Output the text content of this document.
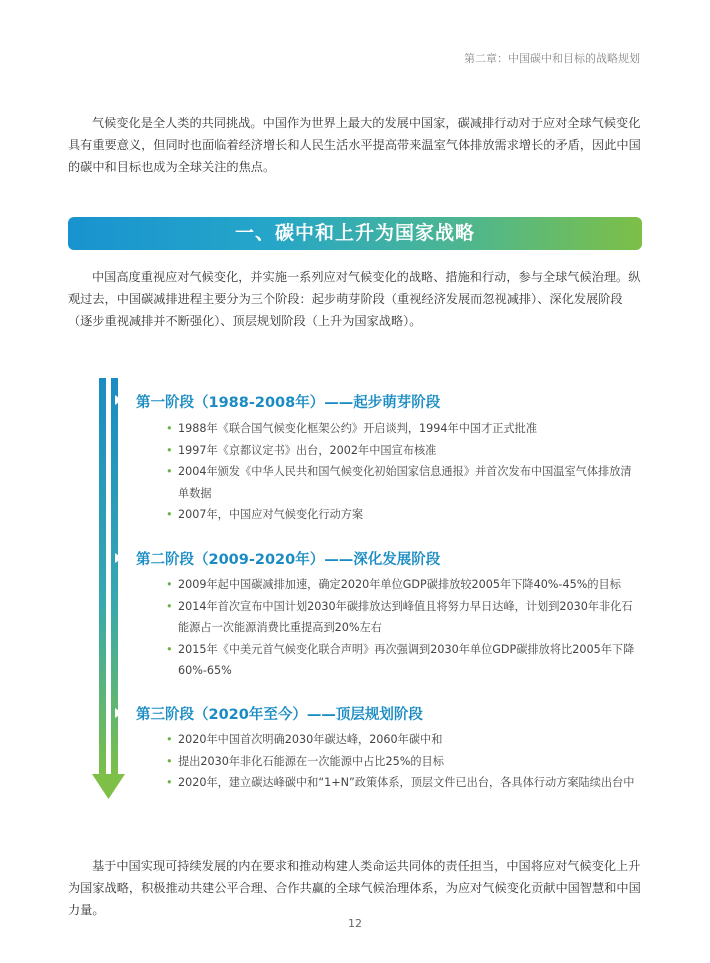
第二章：中国碳中和目标的战略规划

气候变化是全人类的共同挑战。中国作为世界上最大的发展中国家，碳减排行动对于应对全球气候变化具有重要意义，但同时也面临着经济增长和人民生活水平提高带来温室气体排放需求增长的矛盾，因此中国的碳中和目标也成为全球关注的焦点。

一、碳中和上升为国家战略

中国高度重视应对气候变化，并实施一系列应对气候变化的战略、措施和行动，参与全球气候治理。纵观过去，中国碳减排进程主要分为三个阶段：起步萌芽阶段（重视经济发展而忽视减排）、深化发展阶段（逐步重视减排并不断强化）、顶层规划阶段（上升为国家战略）。

第一阶段（1988-2008年）——起步萌芽阶段
• 1988年《联合国气候变化框架公约》开启谈判，1994年中国才正式批准
• 1997年《京都议定书》出台，2002年中国宣布核准
• 2004年颁发《中华人民共和国气候变化初始国家信息通报》并首次发布中国温室气体排放清单数据
• 2007年，中国应对气候变化行动方案
第二阶段（2009-2020年）——深化发展阶段
• 2009年起中国碳减排加速，确定2020年单位GDP碳排放较2005年下降40%-45%的目标
• 2014年首次宣布中国计划2030年碳排放达到峰值且将努力早日达峰，计划到2030年非化石能源占一次能源消费比重提高到20%左右
• 2015年《中美元首气候变化联合声明》再次强调到2030年单位GDP碳排放将比2005年下降60%-65%
第三阶段（2020年至今）——顶层规划阶段
• 2020年中国首次明确2030年碳达峰，2060年碳中和
• 提出2030年非化石能源在一次能源中占比25%的目标
• 2020年，建立碳达峰碳中和“1+N”政策体系，顶层文件已出台，各具体行动方案陆续出台中

基于中国实现可持续发展的内在要求和推动构建人类命运共同体的责任担当，中国将应对气候变化上升为国家战略，积极推动共建公平合理、合作共赢的全球气候治理体系，为应对气候变化贡献中国智慧和中国力量。

12
